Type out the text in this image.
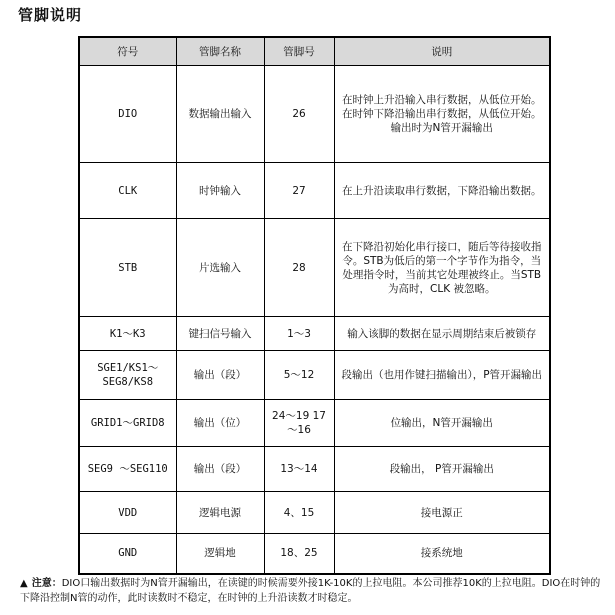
管脚说明
符号	管脚名称	管脚号	说明
DIO	数据输出输入	26	在时钟上升沿输入串行数据，从低位开始。在时钟下降沿输出串行数据，从低位开始。输出时为N管开漏输出
CLK	时钟输入	27	在上升沿读取串行数据，下降沿输出数据。
STB	片选输入	28	在下降沿初始化串行接口，随后等待接收指令。STB为低后的第一个字节作为指令，当处理指令时，当前其它处理被终止。当STB为高时，CLK 被忽略。
K1～K3	键扫信号输入	1～3	输入该脚的数据在显示周期结束后被锁存
SGE1/KS1～SEG8/KS8	输出（段）	5～12	段输出（也用作键扫描输出），P管开漏输出
GRID1～GRID8	输出（位）	24～19 17～16	位输出，N管开漏输出
SEG9 ～SEG110	输出（段）	13～14	段输出， P管开漏输出
VDD	逻辑电源	4、15	接电源正
GND	逻辑地	18、25	接系统地
▲ 注意：DIO口输出数据时为N管开漏输出，在读键的时候需要外接1K-10K的上拉电阻。本公司推荐10K的上拉电阻。DIO在时钟的下降沿控制N管的动作，此时读数时不稳定，在时钟的上升沿读数才时稳定。
